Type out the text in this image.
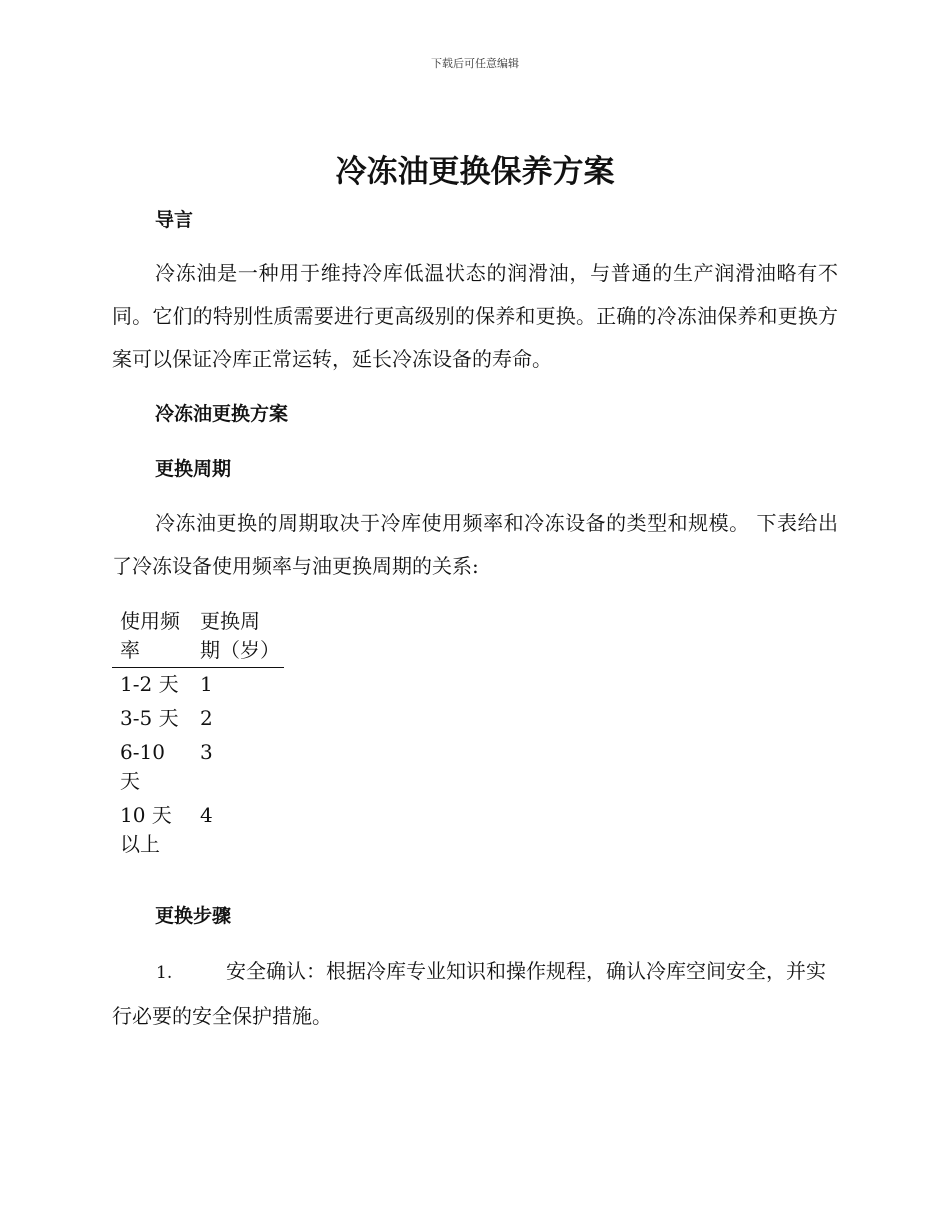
下载后可任意编辑
冷冻油更换保养方案
导言

冷冻油是一种用于维持冷库低温状态的润滑油，与普通的生产润滑油略有不同。它们的特别性质需要进行更高级别的保养和更换。正确的冷冻油保养和更换方案可以保证冷库正常运转，延长冷冻设备的寿命。

冷冻油更换方案
更换周期

冷冻油更换的周期取决于冷库使用频率和冷冻设备的类型和规模。 下表给出了冷冻设备使用频率与油更换周期的关系:

使用频率	更换周期（岁）
1-2 天	1
3-5 天	2
6-10 天	3
10 天以上	4
更换步骤

1.	安全确认：根据冷库专业知识和操作规程，确认冷库空间安全，并实行必要的安全保护措施。
